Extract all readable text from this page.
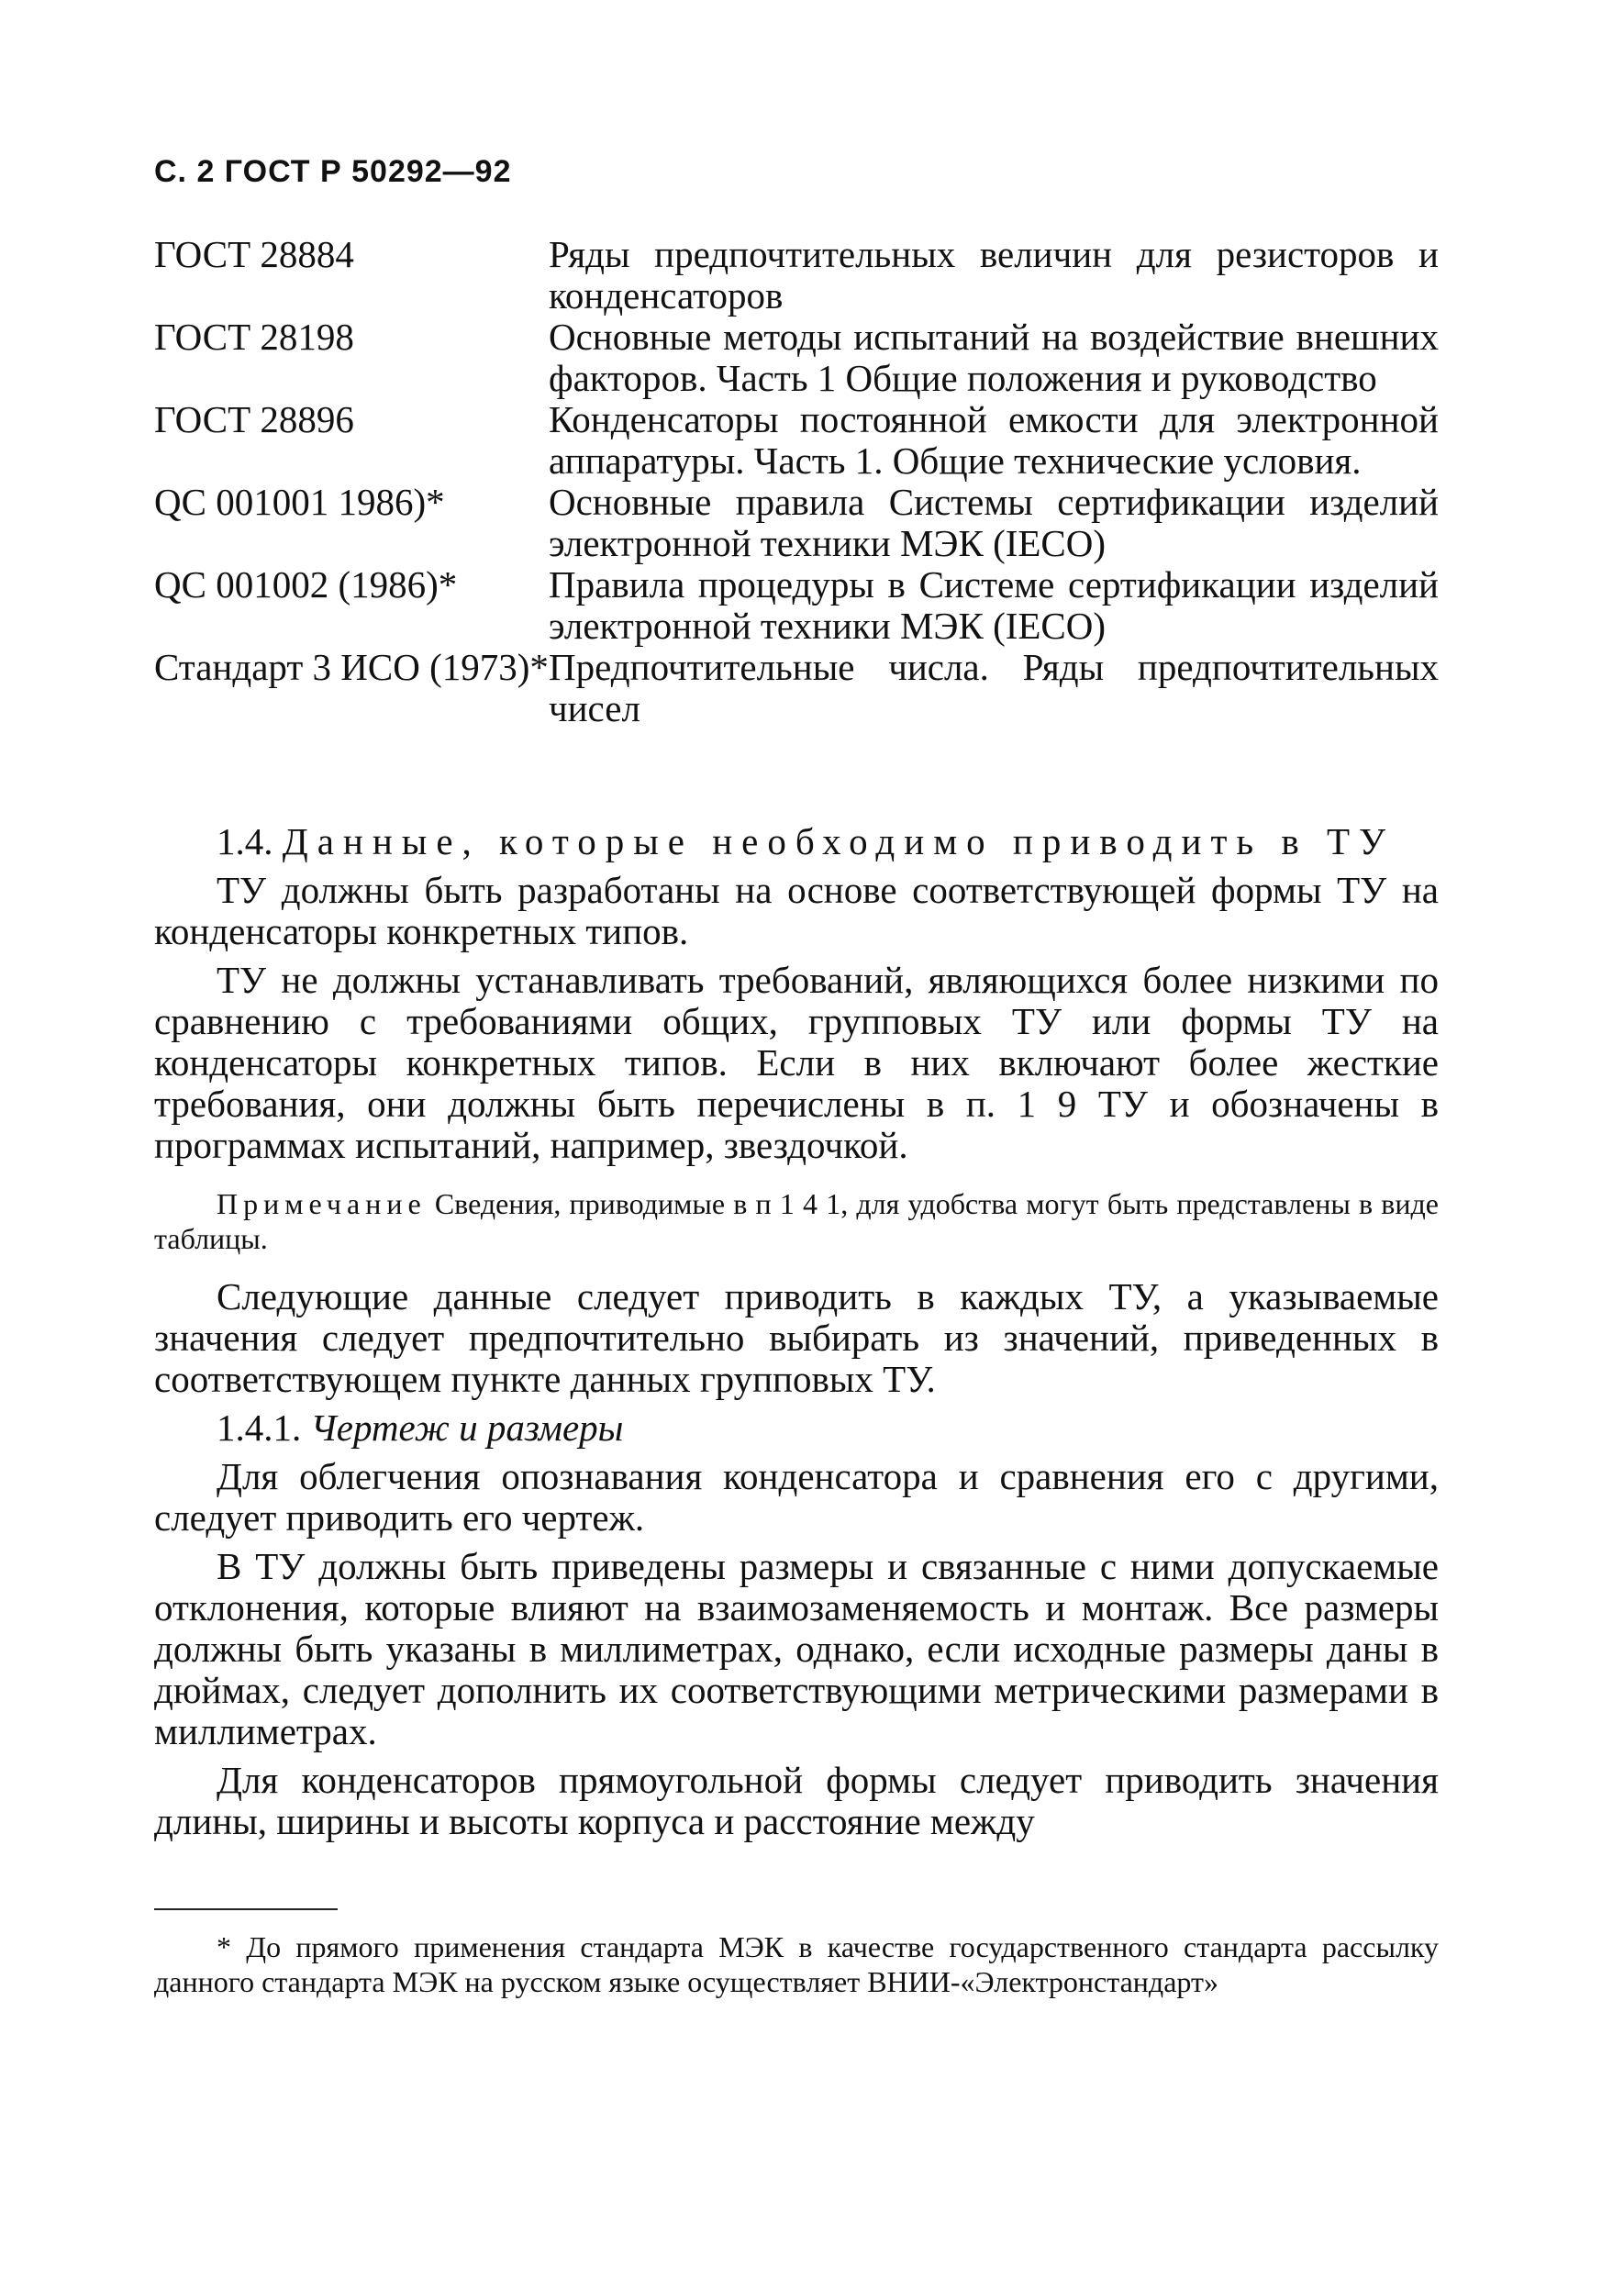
С. 2 ГОСТ Р 50292—92
ГОСТ 28884	Ряды предпочтительных величин для резисторов и конденсаторов
ГОСТ 28198	Основные методы испытаний на воздействие внешних факторов. Часть 1 Общие положения и руководство
ГОСТ 28896	Конденсаторы постоянной емкости для электронной аппаратуры. Часть 1. Общие технические условия.
QC 001001 1986)*	Основные правила Системы сертификации изделий электронной техники МЭК (IECO)
QC 001002 (1986)*	Правила процедуры в Системе сертификации изделий электронной техники МЭК (IECO)
Стандарт 3 ИСО (1973)* Предпочтительные числа. Ряды предпочтительных чисел
1.4. Данные, которые необходимо приводить в ТУ

ТУ должны быть разработаны на основе соответствующей формы ТУ на конденсаторы конкретных типов.

ТУ не должны устанавливать требований, являющихся более низкими по сравнению с требованиями общих, групповых ТУ или формы ТУ на конденсаторы конкретных типов. Если в них включают более жесткие требования, они должны быть перечислены в п. 1 9 ТУ и обозначены в программах испытаний, например, звездочкой.

Примечание Сведения, приводимые в п 1 4 1, для удобства могут быть представлены в виде таблицы.

Следующие данные следует приводить в каждых ТУ, а указываемые значения следует предпочтительно выбирать из значений, приведенных в соответствующем пункте данных групповых ТУ.

1.4.1. Чертеж и размеры

Для облегчения опознавания конденсатора и сравнения его с другими, следует приводить его чертеж.

В ТУ должны быть приведены размеры и связанные с ними допускаемые отклонения, которые влияют на взаимозаменяемость и монтаж. Все размеры должны быть указаны в миллиметрах, однако, если исходные размеры даны в дюймах, следует дополнить их соответствующими метрическими размерами в миллиметрах.

Для конденсаторов прямоугольной формы следует приводить значения длины, ширины и высоты корпуса и расстояние между

* До прямого применения стандарта МЭК в качестве государственного стандарта рассылку данного стандарта МЭК на русском языке осуществляет ВНИИ-«Электронстандарт»
